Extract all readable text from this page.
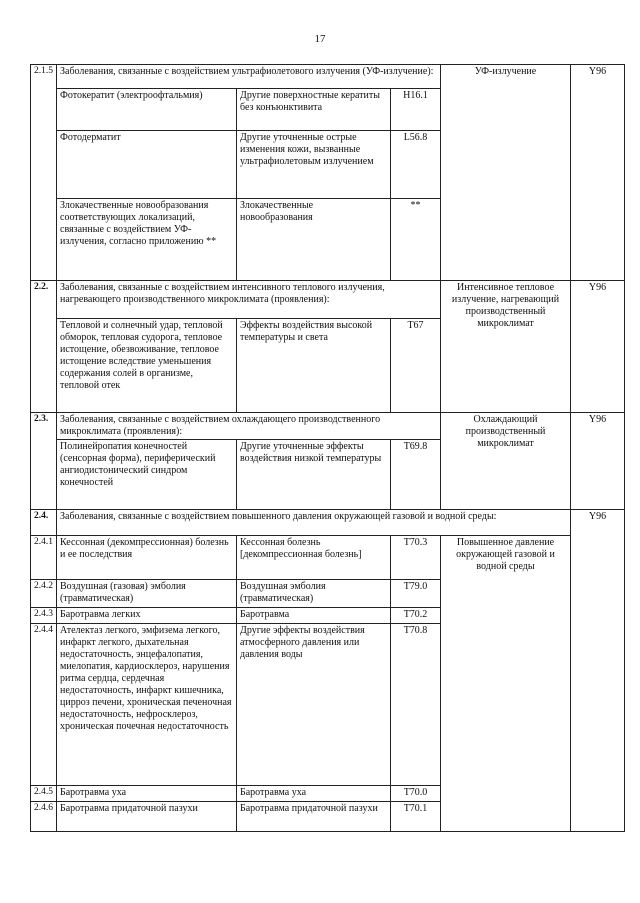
17
2.1.5	Заболевания, связанные с воздействием ультрафиолетового излучения (УФ-излучение):			УФ-излучение	Y96
	Фотокератит (электроофтальмия)	Другие поверхностные кератиты без конъюнктивита	H16.1		
	Фотодерматит	Другие уточненные острые изменения кожи, вызванные ультрафиолетовым излучением	L56.8		
	Злокачественные новообразования соответствующих локализаций, связанные с воздействием УФ-излучения, согласно приложению **	Злокачественные новообразования	**		
2.2.	Заболевания, связанные с воздействием интенсивного теплового излучения, нагревающего производственного микроклимата (проявления):			Интенсивное тепловое излучение, нагревающий производственный микроклимат	Y96
	Тепловой и солнечный удар, тепловой обморок, тепловая судорога, тепловое истощение, обезвоживание, тепловое истощение вследствие уменьшения содержания солей в организме, тепловой отек	Эффекты воздействия высокой температуры и света	T67		
2.3.	Заболевания, связанные с воздействием охлаждающего производственного микроклимата (проявления):			Охлаждающий производственный микроклимат	Y96
	Полинейропатия конечностей (сенсорная форма), периферический ангиодистонический синдром конечностей	Другие уточненные эффекты воздействия низкой температуры	T69.8		
2.4.	Заболевания, связанные с воздействием повышенного давления окружающей газовой и водной среды:				Y96
2.4.1	Кессонная (декомпрессионная) болезнь и ее последствия	Кессонная болезнь [декомпрессионная болезнь]	T70.3	Повышенное давление окружающей газовой и водной среды	
2.4.2	Воздушная (газовая) эмболия (травматическая)	Воздушная эмболия (травматическая)	T79.0		
2.4.3	Баротравма легких	Баротравма	T70.2		
2.4.4	Ателектаз легкого, эмфизема легкого, инфаркт легкого, дыхательная недостаточность, энцефалопатия, миелопатия, кардиосклероз, нарушения ритма сердца, сердечная недостаточность, инфаркт кишечника, цирроз печени, хроническая печеночная недостаточность, нефросклероз, хроническая почечная недостаточность	Другие эффекты воздействия атмосферного давления или давления воды	T70.8		
2.4.5	Баротравма уха	Баротравма уха	T70.0		
2.4.6	Баротравма придаточной пазухи	Баротравма придаточной пазухи	T70.1		
